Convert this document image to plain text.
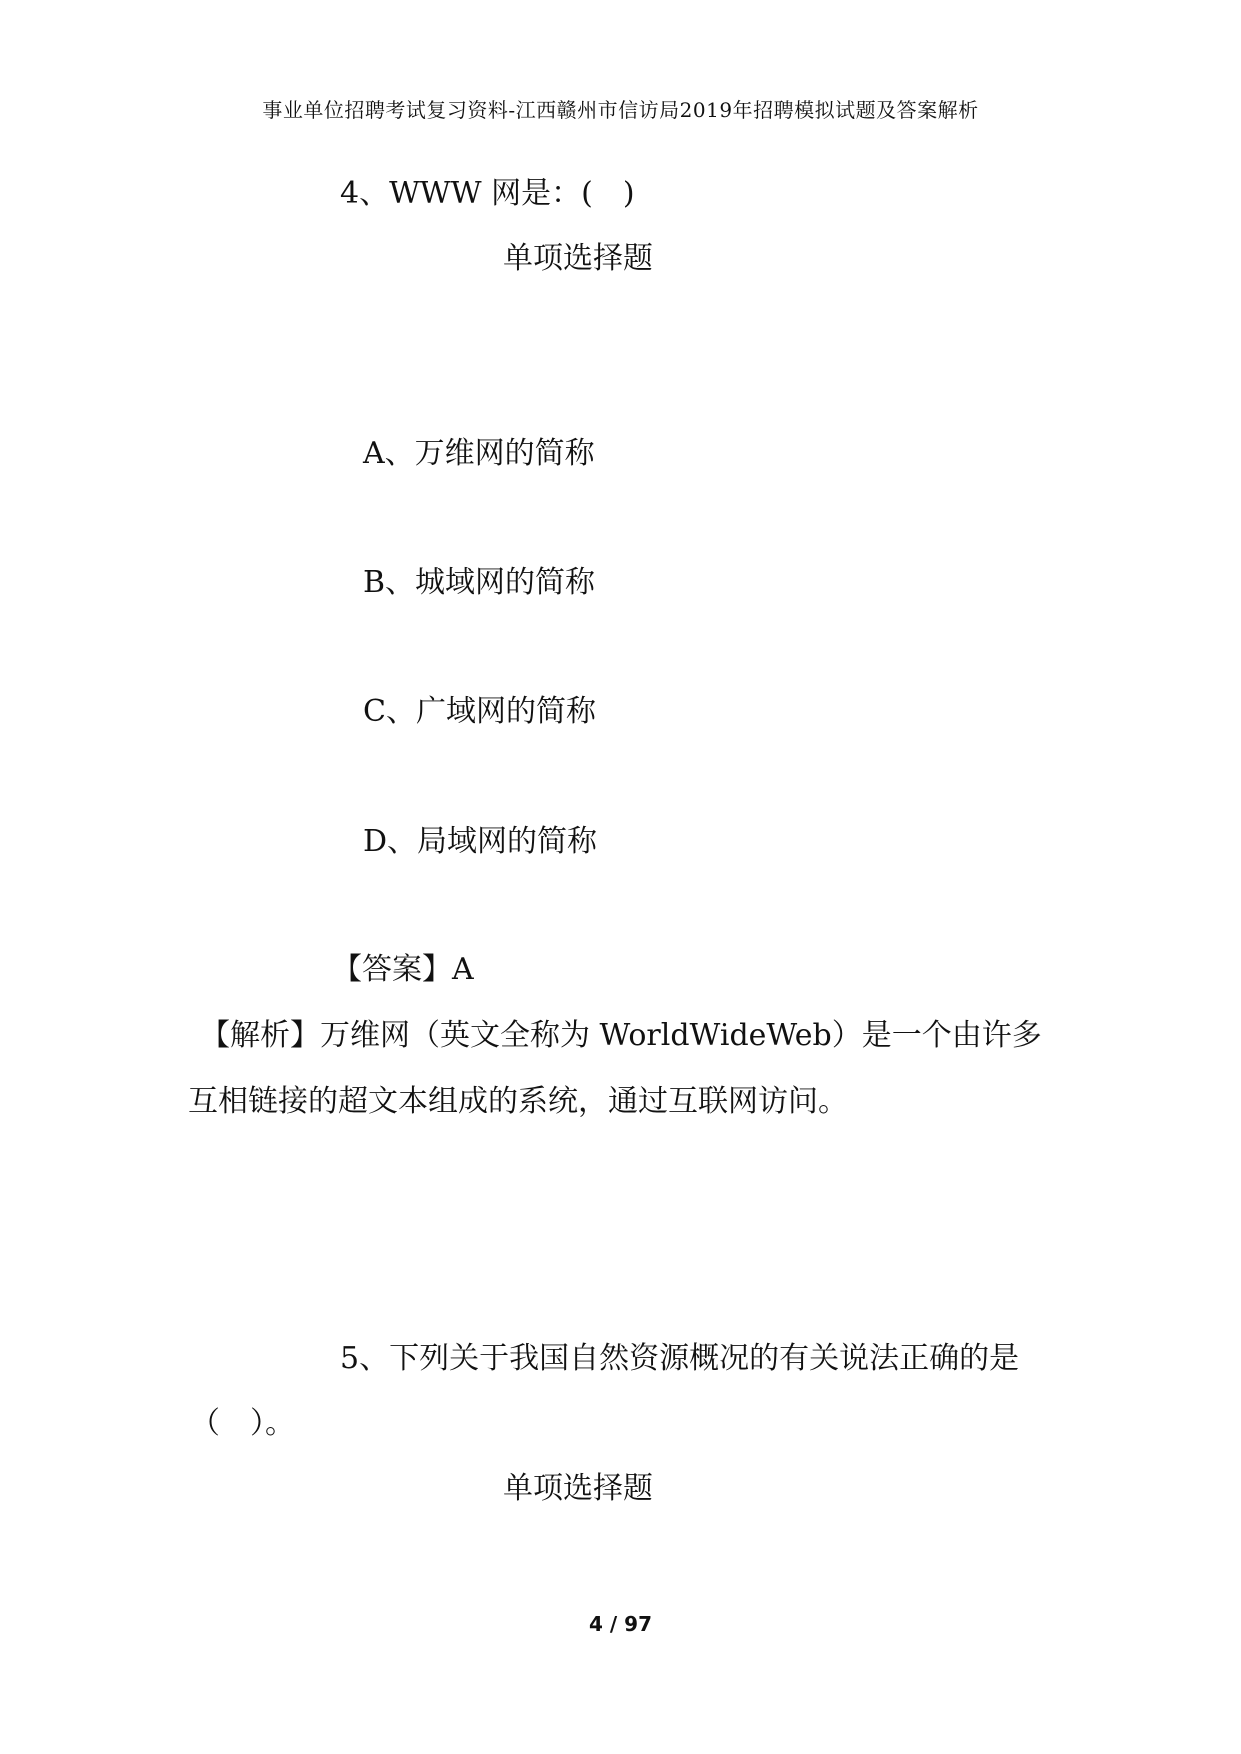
事业单位招聘考试复习资料-江西赣州市信访局2019年招聘模拟试题及答案解析
4、WWW 网是：(　)
单项选择题
A、万维网的简称
B、城域网的简称
C、广域网的简称
D、局域网的简称
【答案】A
【解析】万维网（英文全称为 WorldWideWeb）是一个由许多
互相链接的超文本组成的系统，通过互联网访问。
5、下列关于我国自然资源概况的有关说法正确的是
（　）。
单项选择题
4 / 97
